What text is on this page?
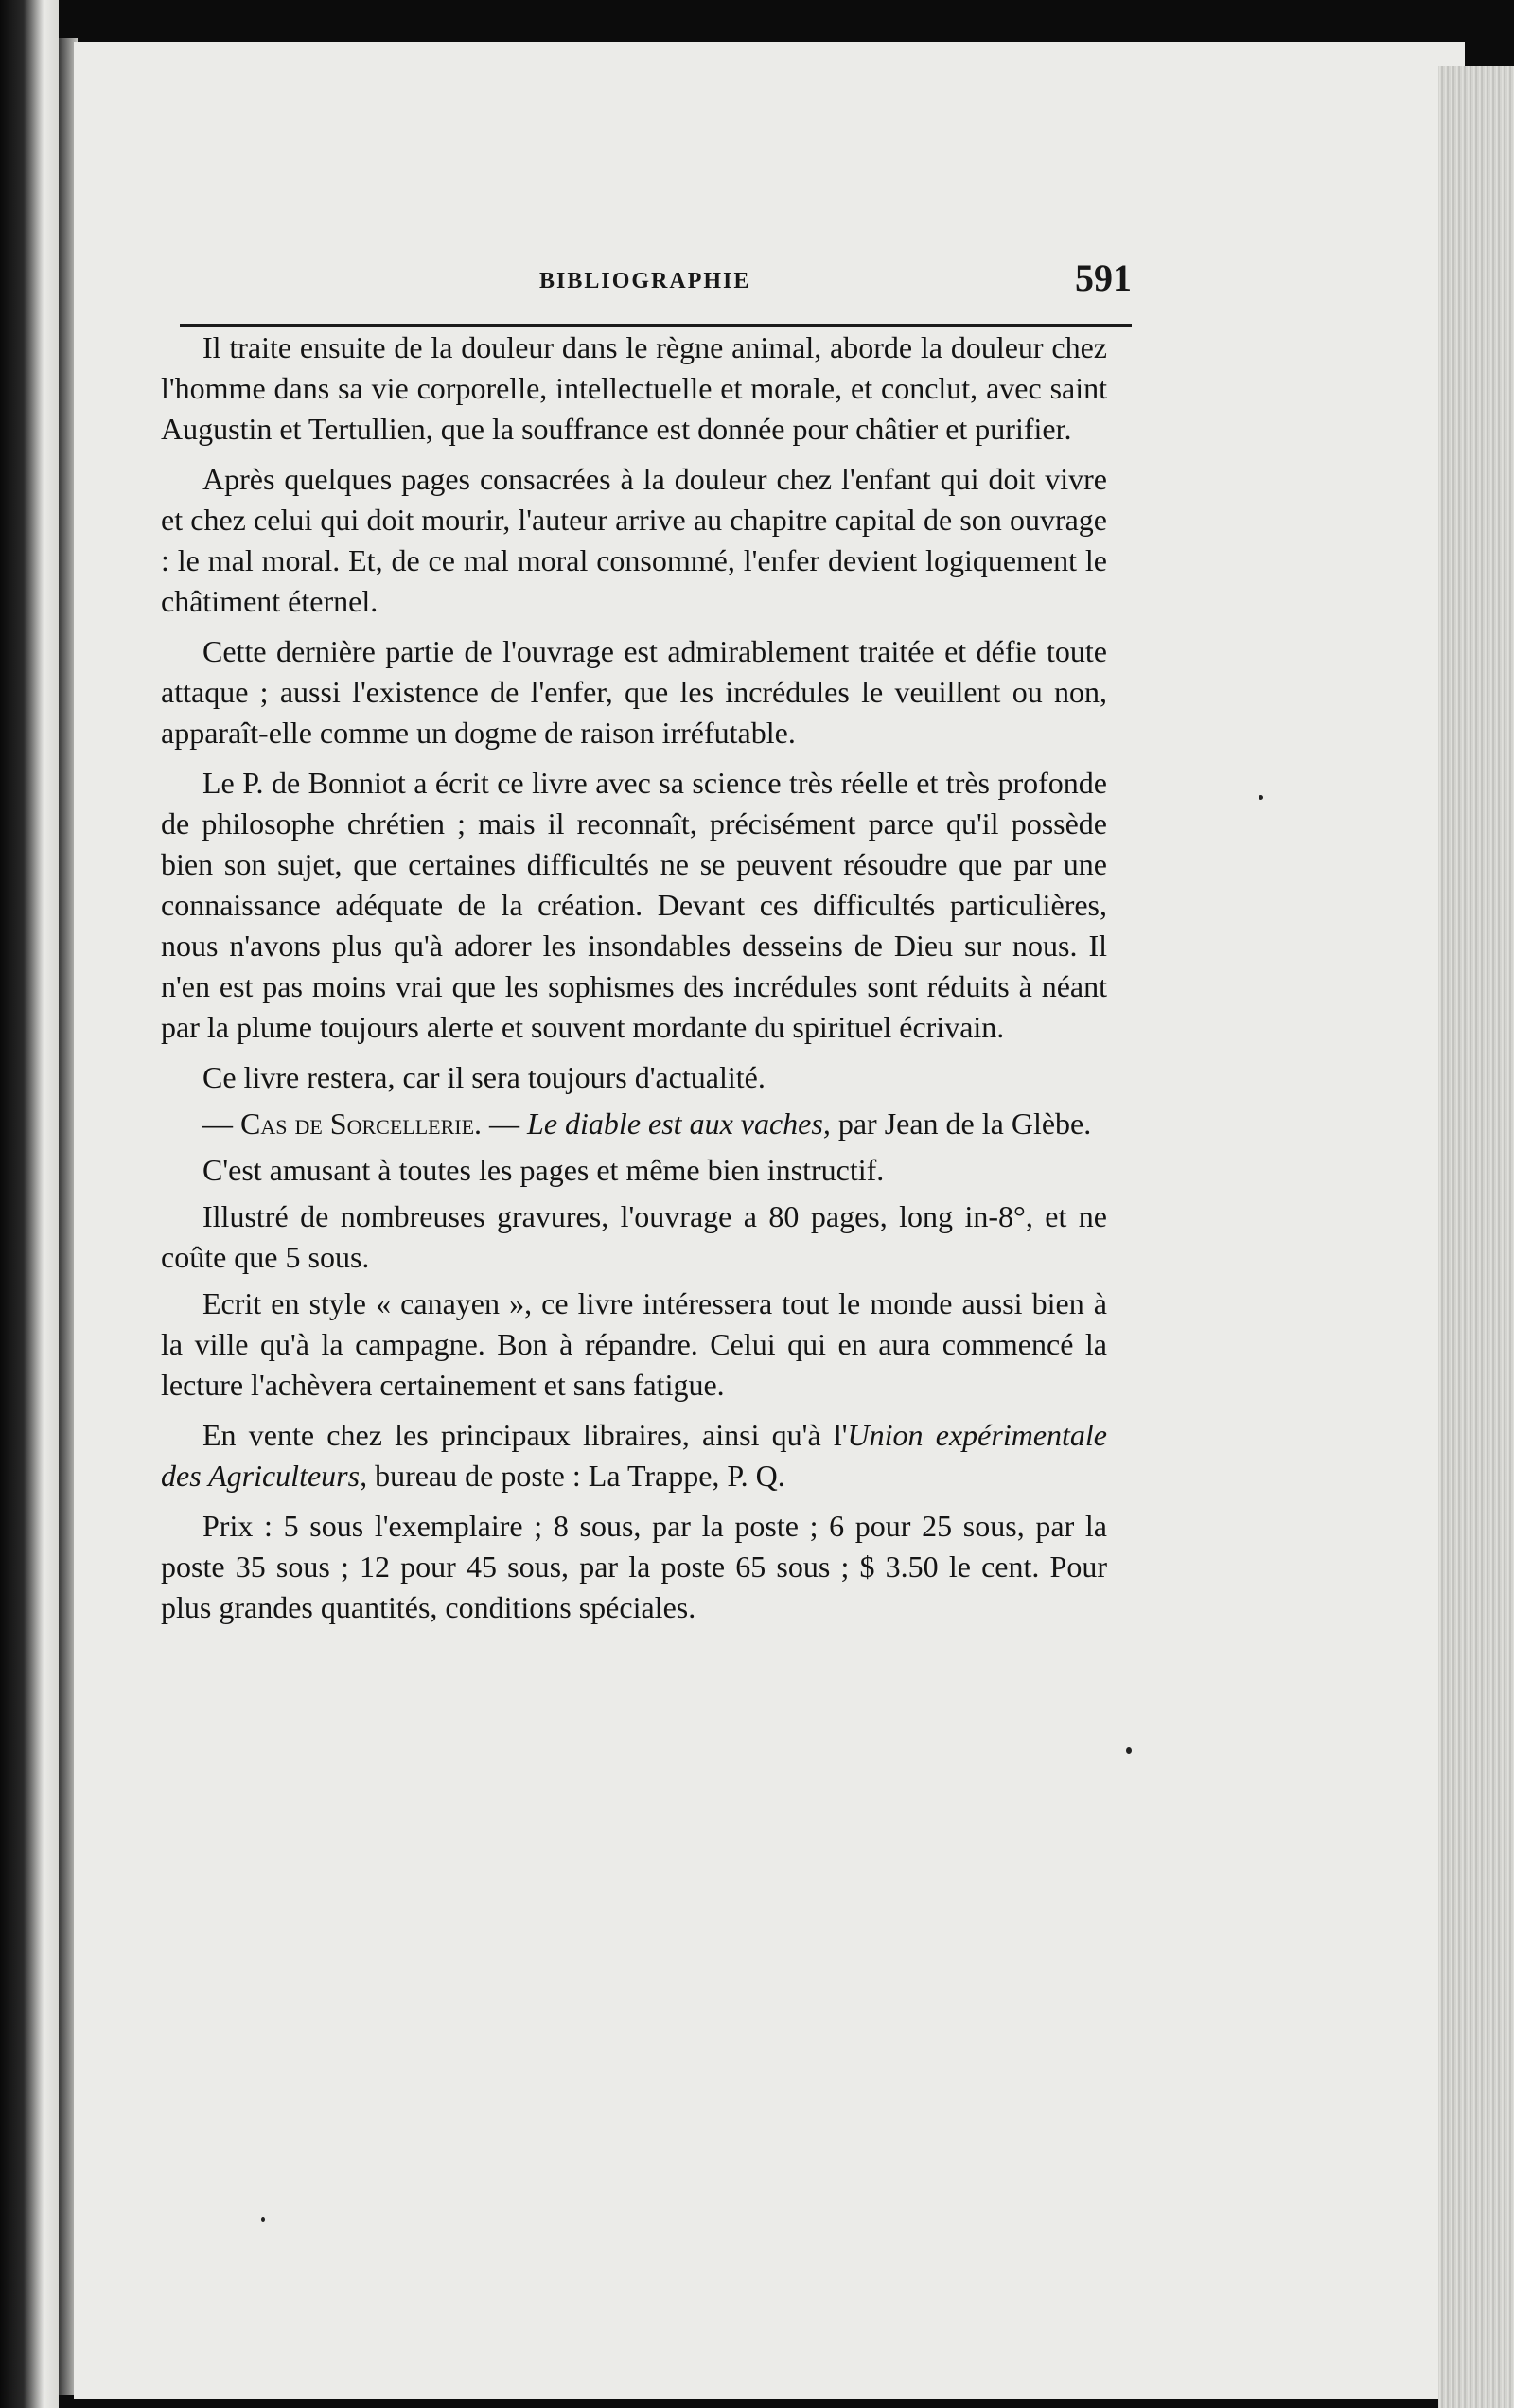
BIBLIOGRAPHIE	591

Il traite ensuite de la douleur dans le règne animal, aborde la douleur chez l'homme dans sa vie corporelle, intellectuelle et morale, et conclut, avec saint Augustin et Tertullien, que la souffrance est donnée pour châtier et purifier.

Après quelques pages consacrées à la douleur chez l'enfant qui doit vivre et chez celui qui doit mourir, l'auteur arrive au chapitre capital de son ouvrage : le mal moral. Et, de ce mal moral consommé, l'enfer devient logiquement le châtiment éternel.

Cette dernière partie de l'ouvrage est admirablement traitée et défie toute attaque ; aussi l'existence de l'enfer, que les incrédules le veuillent ou non, apparaît-elle comme un dogme de raison irréfutable.

Le P. de Bonniot a écrit ce livre avec sa science très réelle et très profonde de philosophe chrétien ; mais il reconnaît, précisément parce qu'il possède bien son sujet, que certaines difficultés ne se peuvent résoudre que par une connaissance adéquate de la création. Devant ces difficultés particulières, nous n'avons plus qu'à adorer les insondables desseins de Dieu sur nous. Il n'en est pas moins vrai que les sophismes des incrédules sont réduits à néant par la plume toujours alerte et souvent mordante du spirituel écrivain.

Ce livre restera, car il sera toujours d'actualité.

— Cas de Sorcellerie. — Le diable est aux vaches, par Jean de la Glèbe.

C'est amusant à toutes les pages et même bien instructif.

Illustré de nombreuses gravures, l'ouvrage a 80 pages, long in-8°, et ne coûte que 5 sous.

Ecrit en style « canayen », ce livre intéressera tout le monde aussi bien à la ville qu'à la campagne. Bon à répandre. Celui qui en aura commencé la lecture l'achèvera certainement et sans fatigue.

En vente chez les principaux libraires, ainsi qu'à l'Union expérimentale des Agriculteurs, bureau de poste : La Trappe, P. Q.

Prix : 5 sous l'exemplaire ; 8 sous, par la poste ; 6 pour 25 sous, par la poste 35 sous ; 12 pour 45 sous, par la poste 65 sous ; $ 3.50 le cent. Pour plus grandes quantités, conditions spéciales.
